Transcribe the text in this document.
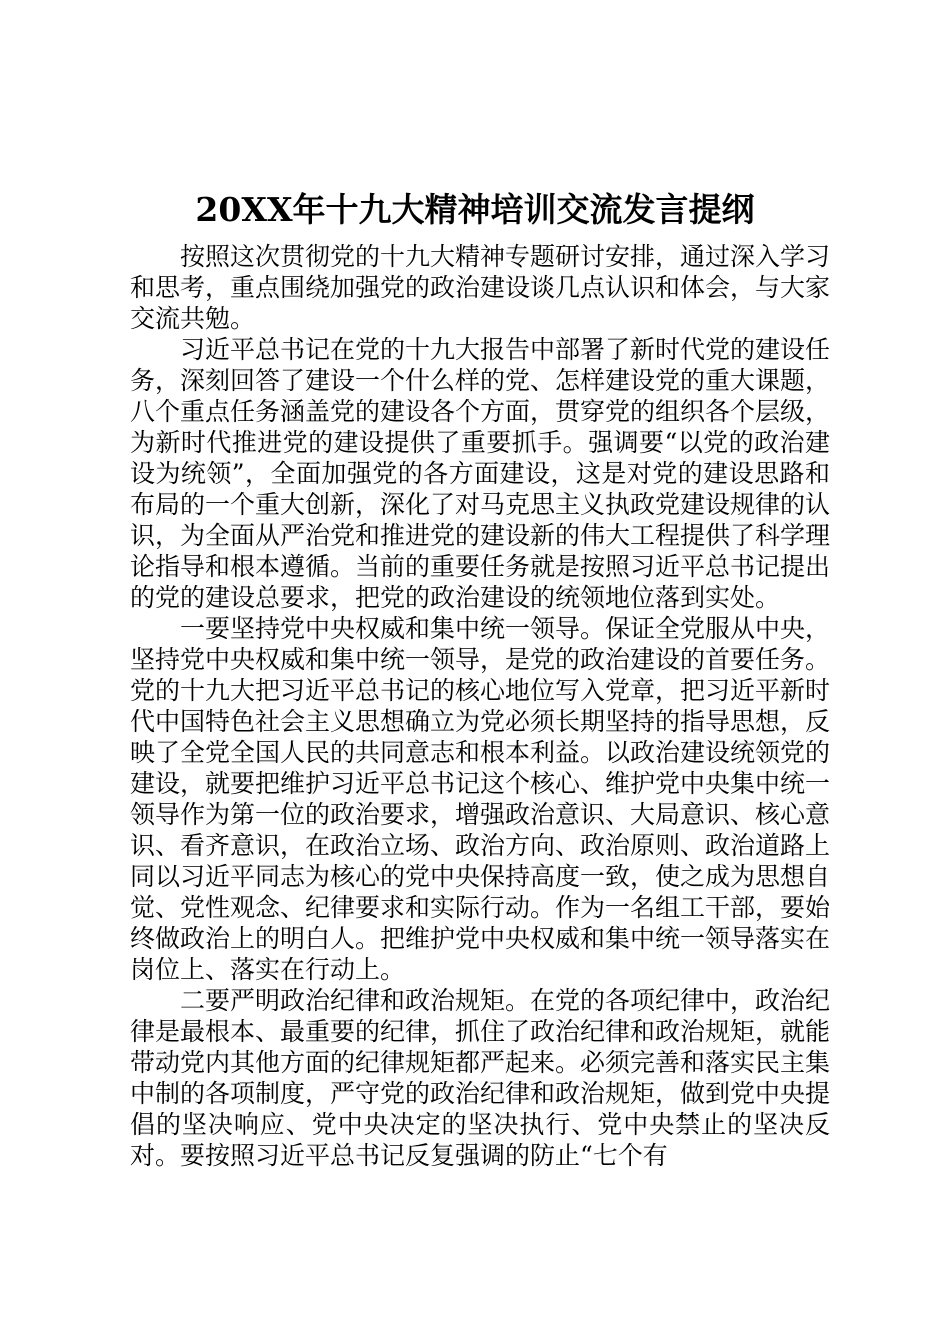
20XX年十九大精神培训交流发言提纲

按照这次贯彻党的十九大精神专题研讨安排，通过深入学习和思考，重点围绕加强党的政治建设谈几点认识和体会，与大家交流共勉。

习近平总书记在党的十九大报告中部署了新时代党的建设任务，深刻回答了建设一个什么样的党、怎样建设党的重大课题，八个重点任务涵盖党的建设各个方面，贯穿党的组织各个层级，为新时代推进党的建设提供了重要抓手。强调要“以党的政治建设为统领”，全面加强党的各方面建设，这是对党的建设思路和布局的一个重大创新，深化了对马克思主义执政党建设规律的认识，为全面从严治党和推进党的建设新的伟大工程提供了科学理论指导和根本遵循。当前的重要任务就是按照习近平总书记提出的党的建设总要求，把党的政治建设的统领地位落到实处。

一要坚持党中央权威和集中统一领导。保证全党服从中央，坚持党中央权威和集中统一领导，是党的政治建设的首要任务。党的十九大把习近平总书记的核心地位写入党章，把习近平新时代中国特色社会主义思想确立为党必须长期坚持的指导思想，反映了全党全国人民的共同意志和根本利益。以政治建设统领党的建设，就要把维护习近平总书记这个核心、维护党中央集中统一领导作为第一位的政治要求，增强政治意识、大局意识、核心意识、看齐意识，在政治立场、政治方向、政治原则、政治道路上同以习近平同志为核心的党中央保持高度一致，使之成为思想自觉、党性观念、纪律要求和实际行动。作为一名组工干部，要始终做政治上的明白人。把维护党中央权威和集中统一领导落实在岗位上、落实在行动上。

二要严明政治纪律和政治规矩。在党的各项纪律中，政治纪律是最根本、最重要的纪律，抓住了政治纪律和政治规矩，就能带动党内其他方面的纪律规矩都严起来。必须完善和落实民主集中制的各项制度，严守党的政治纪律和政治规矩，做到党中央提倡的坚决响应、党中央决定的坚决执行、党中央禁止的坚决反对。要按照习近平总书记反复强调的防止“七个有
